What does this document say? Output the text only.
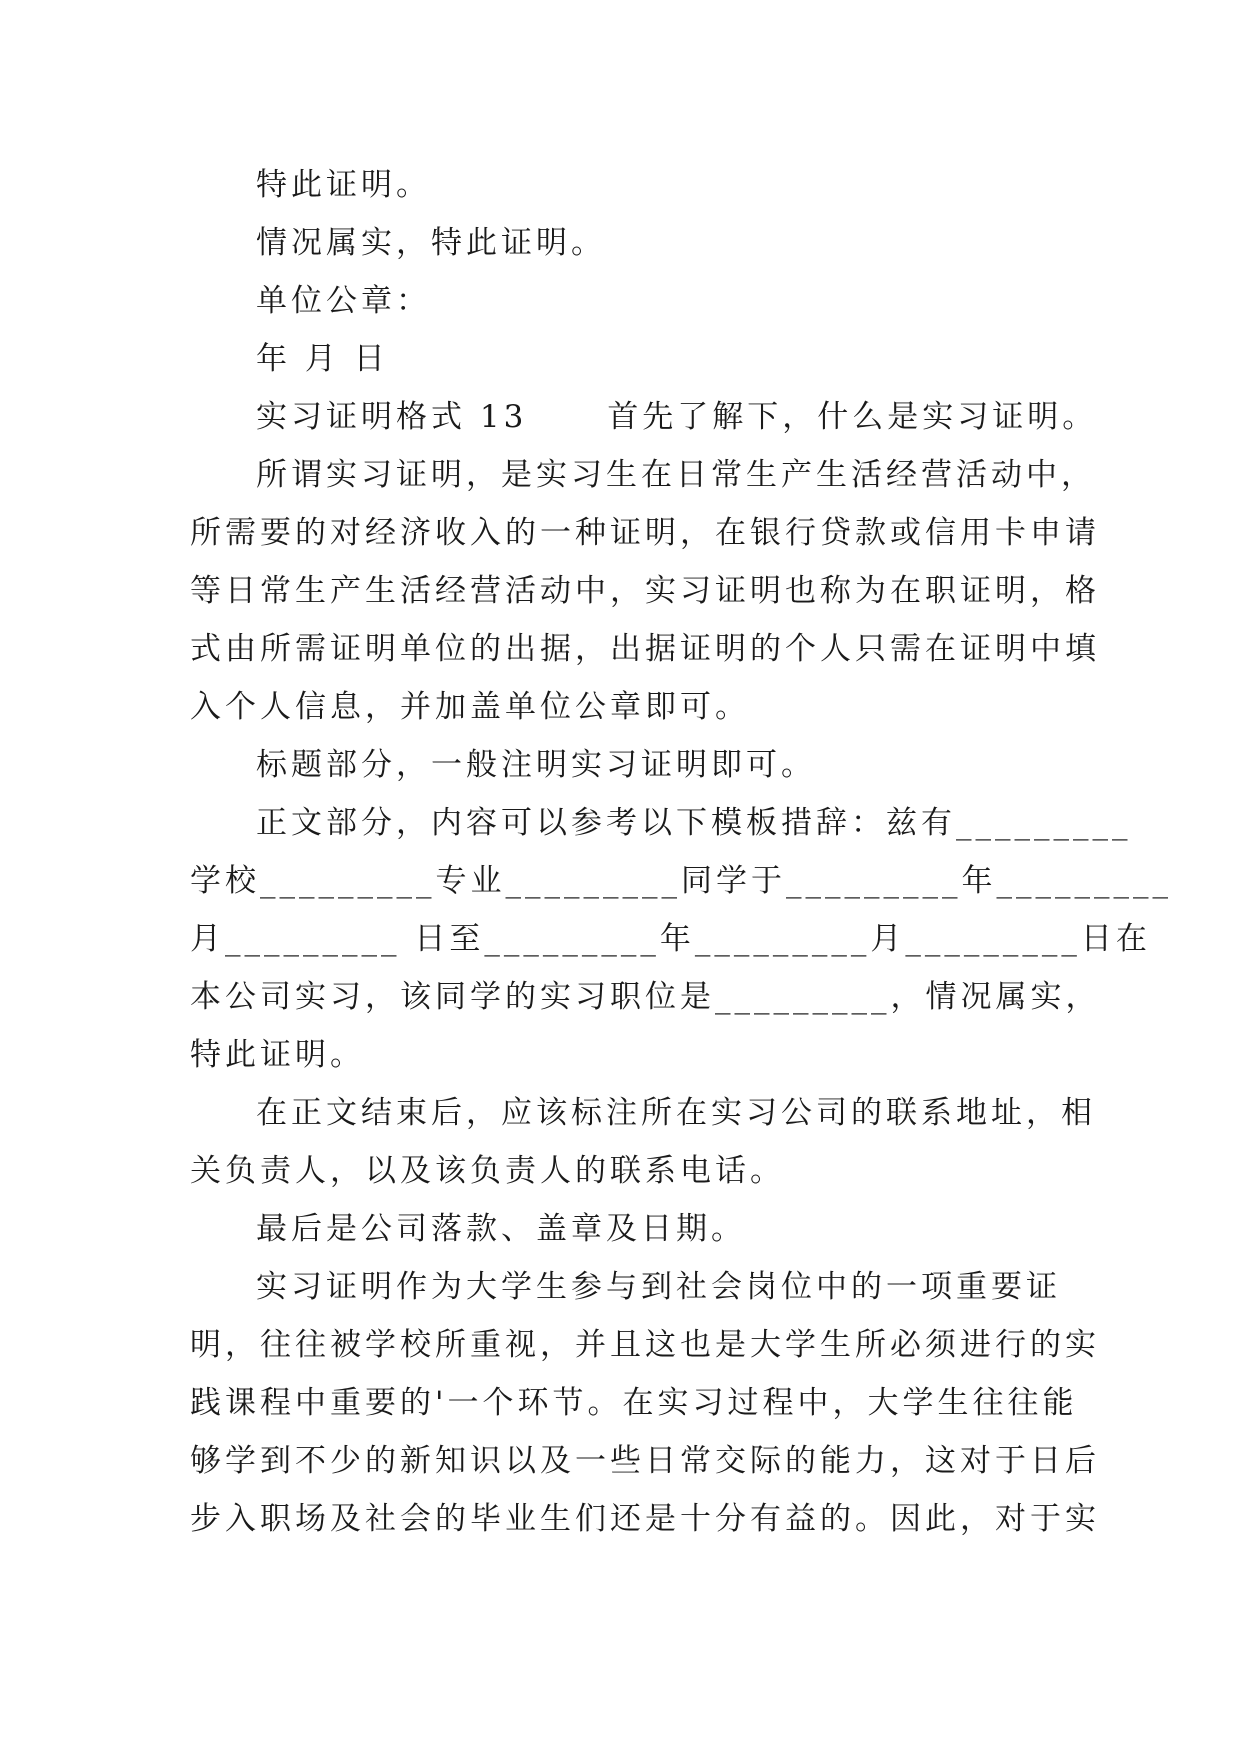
特此证明。
情况属实，特此证明。
单位公章：
年 月 日
实习证明格式 13	首先了解下，什么是实习证明。
所谓实习证明，是实习生在日常生产生活经营活动中，
所需要的对经济收入的一种证明，在银行贷款或信用卡申请
等日常生产生活经营活动中，实习证明也称为在职证明，格
式由所需证明单位的出据，出据证明的个人只需在证明中填
入个人信息，并加盖单位公章即可。
标题部分，一般注明实习证明即可。
正文部分，内容可以参考以下模板措辞：兹有_________
学校_________专业_________同学于_________年_________
月_________ 日至_________年_________月_________日在
本公司实习，该同学的实习职位是_________，情况属实，
特此证明。
在正文结束后，应该标注所在实习公司的联系地址，相
关负责人，以及该负责人的联系电话。
最后是公司落款、盖章及日期。
实习证明作为大学生参与到社会岗位中的一项重要证
明，往往被学校所重视，并且这也是大学生所必须进行的实
践课程中重要的'一个环节。在实习过程中，大学生往往能
够学到不少的新知识以及一些日常交际的能力，这对于日后
步入职场及社会的毕业生们还是十分有益的。因此，对于实
